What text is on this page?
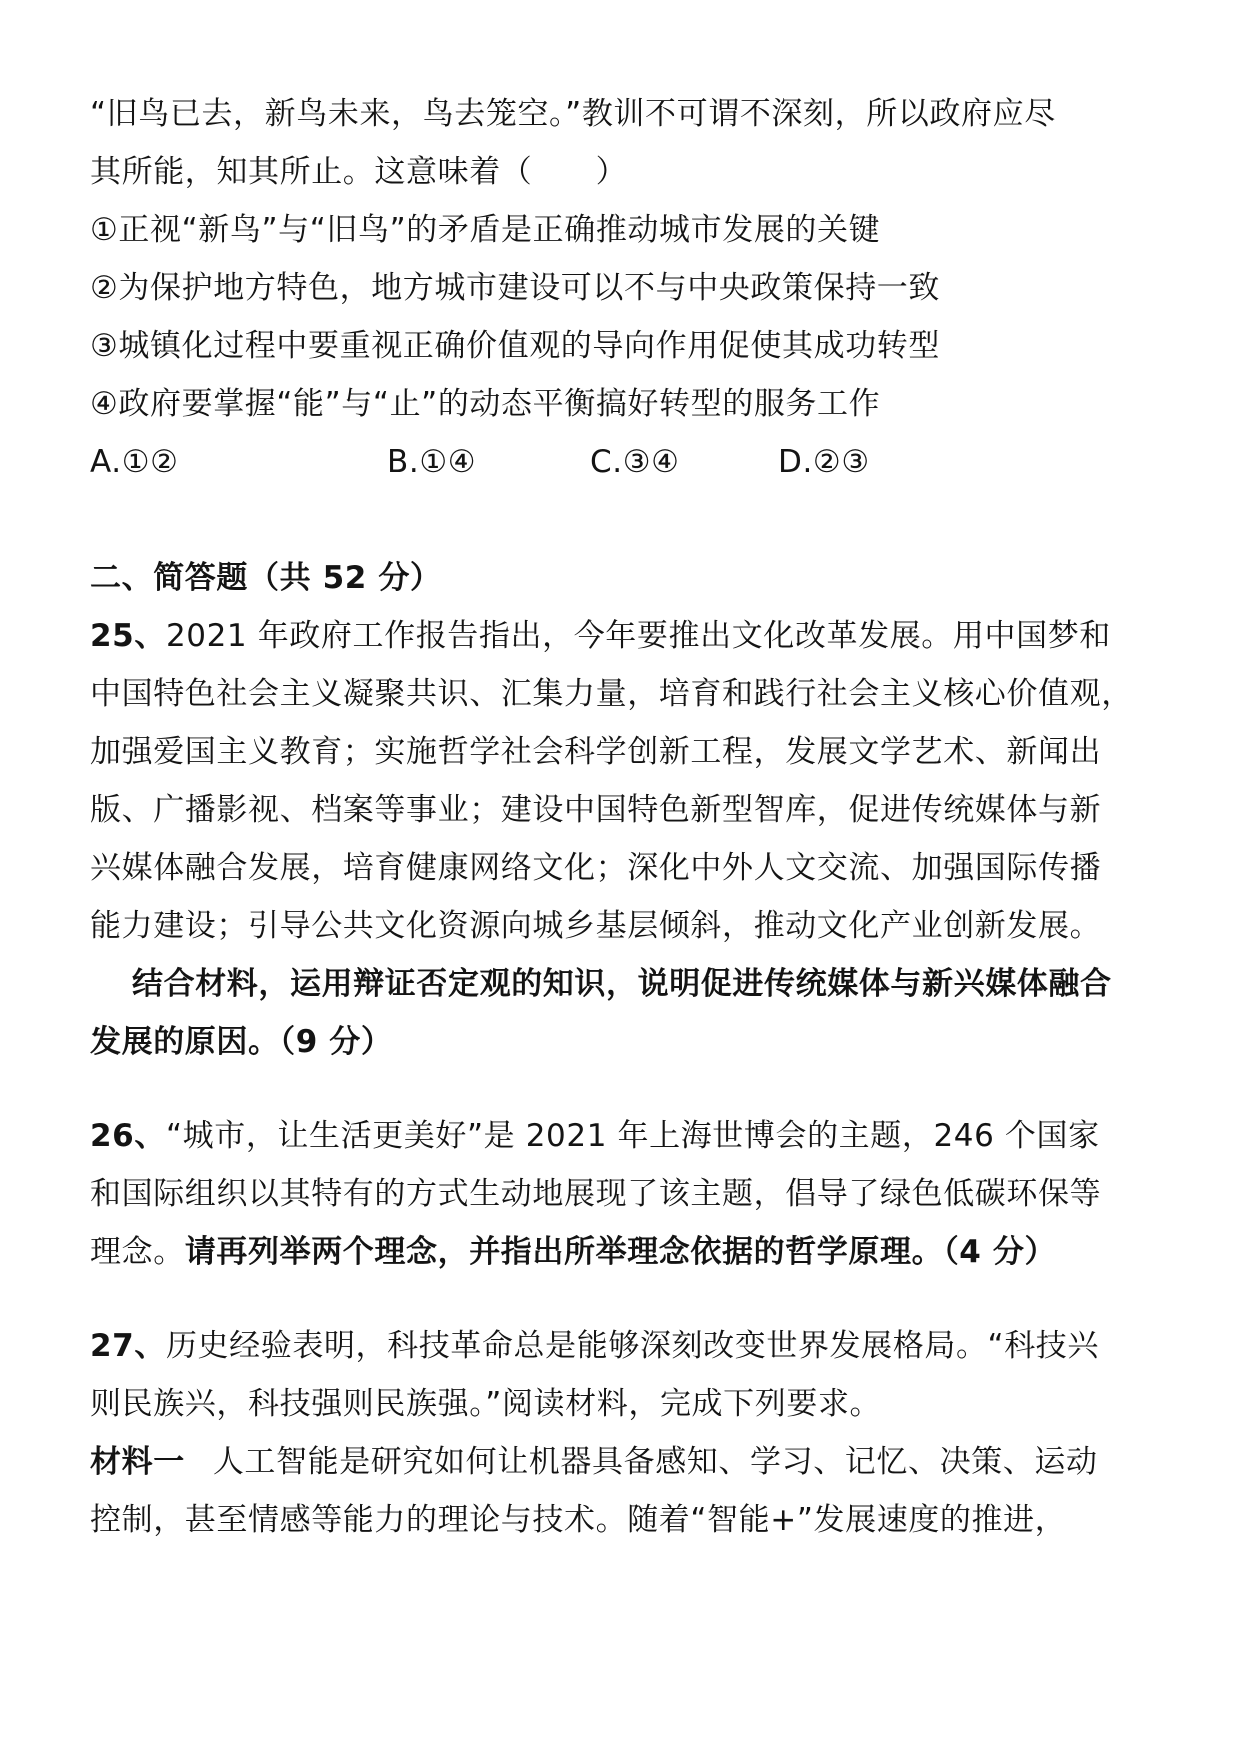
“旧鸟已去，新鸟未来，鸟去笼空。”教训不可谓不深刻，所以政府应尽

其所能，知其所止。这意味着（　　）

①正视“新鸟”与“旧鸟”的矛盾是正确推动城市发展的关键

②为保护地方特色，地方城市建设可以不与中央政策保持一致

③城镇化过程中要重视正确价值观的导向作用促使其成功转型

④政府要掌握“能”与“止”的动态平衡搞好转型的服务工作

A.①②	B.①④	C.③④	D.②③

二、简答题（共 52 分）

25、2021 年政府工作报告指出，今年要推出文化改革发展。用中国梦和

中国特色社会主义凝聚共识、汇集力量，培育和践行社会主义核心价值观，

加强爱国主义教育；实施哲学社会科学创新工程，发展文学艺术、新闻出

版、广播影视、档案等事业；建设中国特色新型智库，促进传统媒体与新

兴媒体融合发展，培育健康网络文化；深化中外人文交流、加强国际传播

能力建设；引导公共文化资源向城乡基层倾斜，推动文化产业创新发展。

结合材料，运用辩证否定观的知识，说明促进传统媒体与新兴媒体融合

发展的原因。（9 分）

26、“城市，让生活更美好”是 2021 年上海世博会的主题，246 个国家

和国际组织以其特有的方式生动地展现了该主题，倡导了绿色低碳环保等

理念。请再列举两个理念，并指出所举理念依据的哲学原理。（4 分）

27、历史经验表明，科技革命总是能够深刻改变世界发展格局。“科技兴

则民族兴，科技强则民族强。”阅读材料，完成下列要求。

材料一 人工智能是研究如何让机器具备感知、学习、记忆、决策、运动

控制，甚至情感等能力的理论与技术。随着“智能+”发展速度的推进，
